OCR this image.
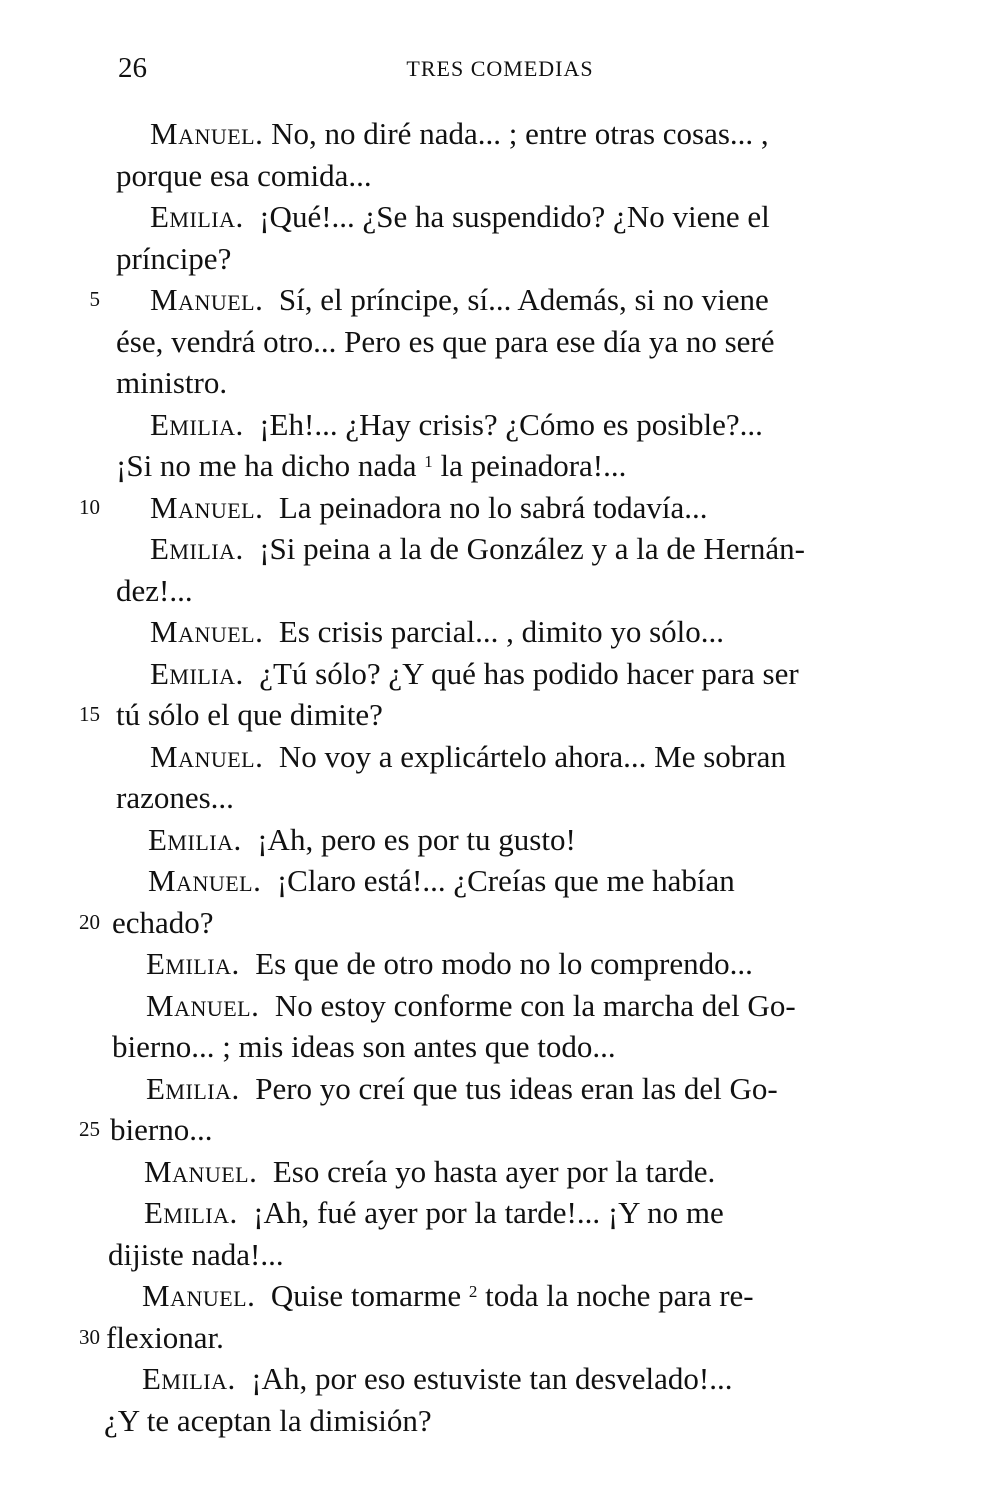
26	TRES COMEDIAS
Manuel. No, no diré nada... ; entre otras cosas... ,
porque esa comida...
Emilia. ¡Qué!... ¿Se ha suspendido? ¿No viene el
príncipe?
5 Manuel. Sí, el príncipe, sí... Además, si no viene
ése, vendrá otro... Pero es que para ese día ya no seré
ministro.
Emilia. ¡Eh!... ¿Hay crisis? ¿Cómo es posible?...
¡Si no me ha dicho nada $^1$ la peinadora!...
10 Manuel. La peinadora no lo sabrá todavía...
Emilia. ¡Si peina a la de González y a la de Hernán-
dez!...
Manuel. Es crisis parcial... , dimito yo sólo...
Emilia. ¿Tú sólo? ¿Y qué has podido hacer para ser
15 tú sólo el que dimite?
Manuel. No voy a explicártelo ahora... Me sobran
razones...
Emilia. ¡Ah, pero es por tu gusto!
Manuel. ¡Claro está!... ¿Creías que me habían
20 echado?
Emilia. Es que de otro modo no lo comprendo...
Manuel. No estoy conforme con la marcha del Go-
bierno... ; mis ideas son antes que todo...
Emilia. Pero yo creí que tus ideas eran las del Go-
25 bierno...
Manuel. Eso creía yo hasta ayer por la tarde.
Emilia. ¡Ah, fué ayer por la tarde!... ¡Y no me
dijiste nada!...
Manuel. Quise tomarme $^2$ toda la noche para re-
30 flexionar.
Emilia. ¡Ah, por eso estuviste tan desvelado!...
¿Y te aceptan la dimisión?
